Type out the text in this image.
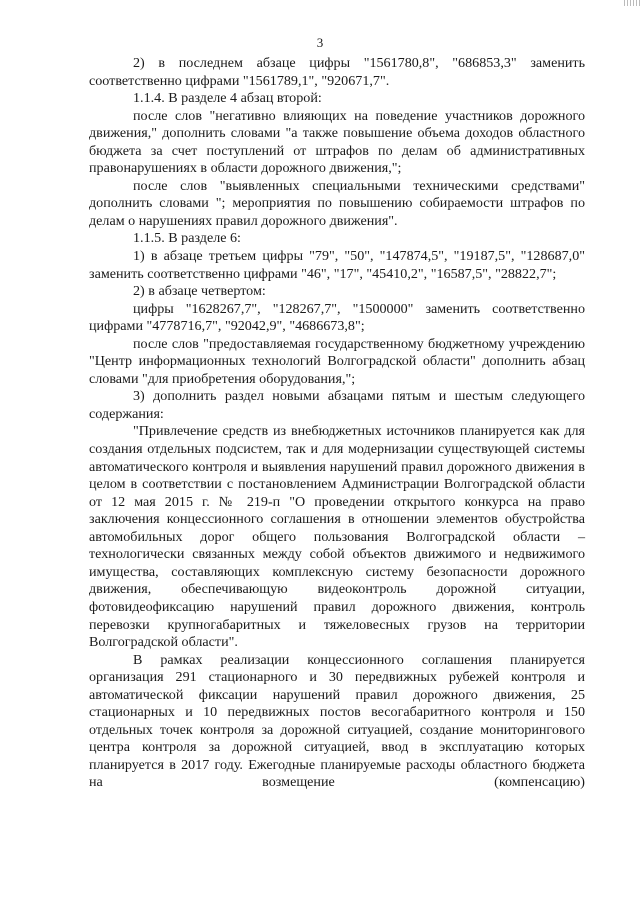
3

2) в последнем абзаце цифры "1561780,8", "686853,3" заменить соответственно цифрами "1561789,1", "920671,7".

1.1.4. В разделе 4 абзац второй:

после слов "негативно влияющих на поведение участников дорожного движения," дополнить словами "а также повышение объема доходов областного бюджета за счет поступлений от штрафов по делам об административных правонарушениях в области дорожного движения,";

после слов "выявленных специальными техническими средствами" дополнить словами "; мероприятия по повышению собираемости штрафов по делам о нарушениях правил дорожного движения".

1.1.5. В разделе 6:

1) в абзаце третьем цифры "79", "50", "147874,5", "19187,5", "128687,0" заменить соответственно цифрами "46", "17", "45410,2", "16587,5", "28822,7";

2) в абзаце четвертом:

цифры "1628267,7", "128267,7", "1500000" заменить соответственно цифрами "4778716,7", "92042,9", "4686673,8";

после слов "предоставляемая государственному бюджетному учреждению "Центр информационных технологий Волгоградской области" дополнить абзац словами "для приобретения оборудования,";

3) дополнить раздел новыми абзацами пятым и шестым следующего содержания:

"Привлечение средств из внебюджетных источников планируется как для создания отдельных подсистем, так и для модернизации существующей системы автоматического контроля и выявления нарушений правил дорожного движения в целом в соответствии с постановлением Администрации Волгоградской области от 12 мая 2015 г. № 219-п "О проведении открытого конкурса на право заключения концессионного соглашения в отношении элементов обустройства автомобильных дорог общего пользования Волгоградской области – технологически связанных между собой объектов движимого и недвижимого имущества, составляющих комплексную систему безопасности дорожного движения, обеспечивающую видеоконтроль дорожной ситуации, фотовидеофиксацию нарушений правил дорожного движения, контроль перевозки крупногабаритных и тяжеловесных грузов на территории Волгоградской области".

В рамках реализации концессионного соглашения планируется организация 291 стационарного и 30 передвижных рубежей контроля и автоматической фиксации нарушений правил дорожного движения, 25 стационарных и 10 передвижных постов весогабаритного контроля и 150 отдельных точек контроля за дорожной ситуацией, создание мониторингового центра контроля за дорожной ситуацией, ввод в эксплуатацию которых планируется в 2017 году. Ежегодные планируемые расходы областного бюджета на возмещение (компенсацию)
